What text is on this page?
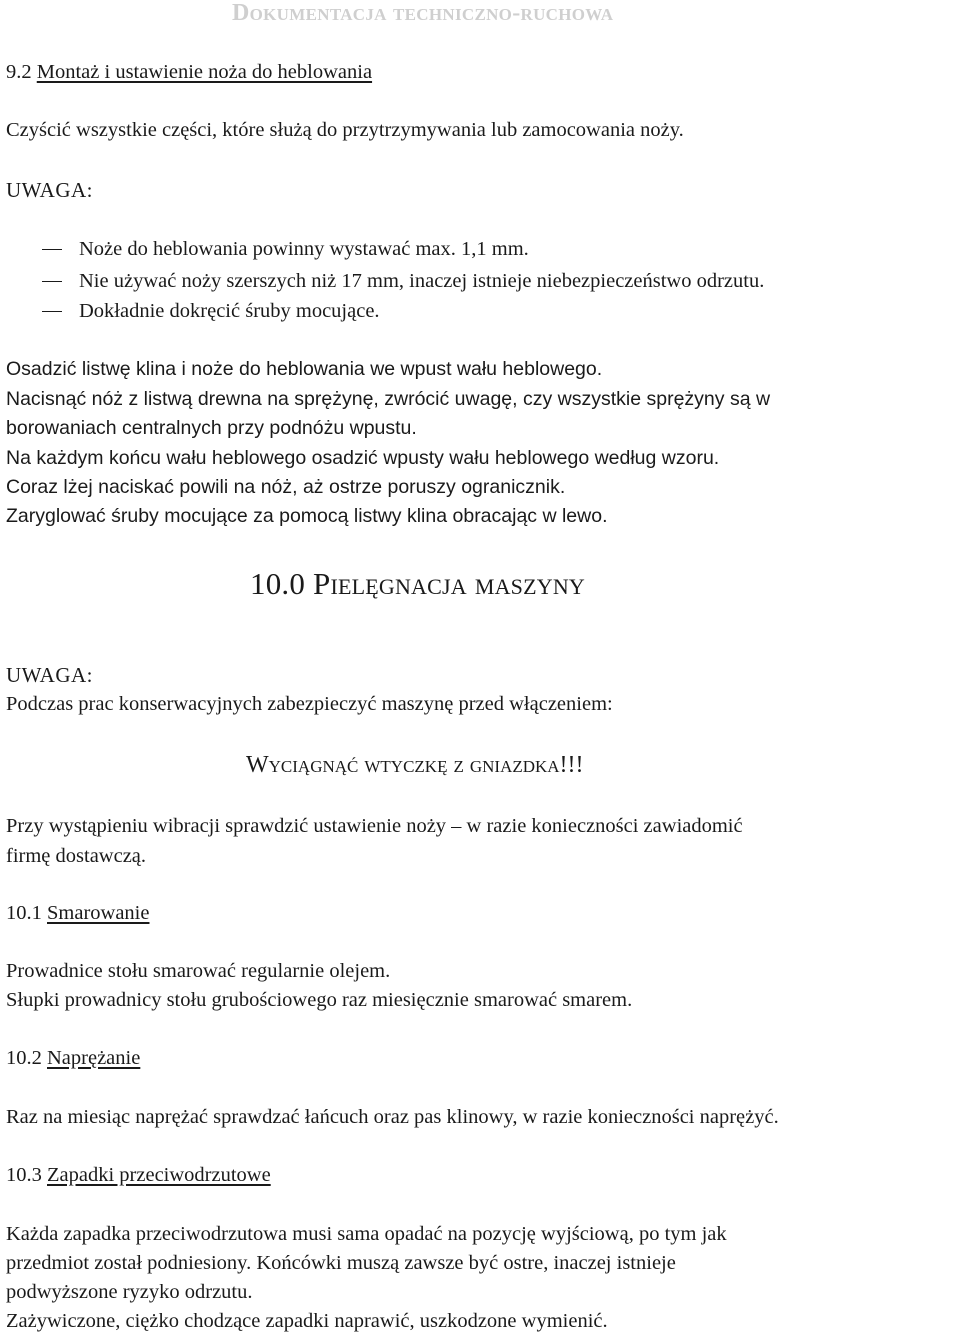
Dokumentacja techniczno-ruchowa
9.2 Montaż i ustawienie noża do heblowania
Czyścić wszystkie części, które służą do przytrzymywania lub zamocowania noży.
UWAGA:
Noże do heblowania powinny wystawać max. 1,1 mm.
Nie używać noży szerszych niż 17 mm, inaczej istnieje niebezpieczeństwo odrzutu.
Dokładnie dokręcić śruby mocujące.
Osadzić listwę klina i noże do heblowania we wpust wału heblowego.
Nacisnąć nóż z listwą drewna na sprężynę, zwrócić uwagę, czy wszystkie sprężyny są w
borowaniach centralnych przy podnóżu wpustu.
Na każdym końcu wału heblowego osadzić wpusty wału heblowego według wzoru.
Coraz lżej naciskać powili na nóż, aż ostrze poruszy ogranicznik.
Zaryglować śruby mocujące za pomocą listwy klina obracając w lewo.
10.0 Pielęgnacja maszyny
UWAGA:
Podczas prac konserwacyjnych zabezpieczyć maszynę przed włączeniem:
Wyciągnąć wtyczkę z gniazdka!!!
Przy wystąpieniu wibracji sprawdzić ustawienie noży – w razie konieczności zawiadomić
firmę dostawczą.
10.1 Smarowanie
Prowadnice stołu smarować regularnie olejem.
Słupki prowadnicy stołu grubościowego raz miesięcznie smarować smarem.
10.2 Naprężanie
Raz na miesiąc naprężać sprawdzać łańcuch oraz pas klinowy, w razie konieczności naprężyć.
10.3 Zapadki przeciwodrzutowe
Każda zapadka przeciwodrzutowa musi sama opadać na pozycję wyjściową, po tym jak
przedmiot został podniesiony. Końcówki muszą zawsze być ostre, inaczej istnieje
podwyższone ryzyko odrzutu.
Zażywiczone, ciężko chodzące zapadki naprawić, uszkodzone wymienić.
